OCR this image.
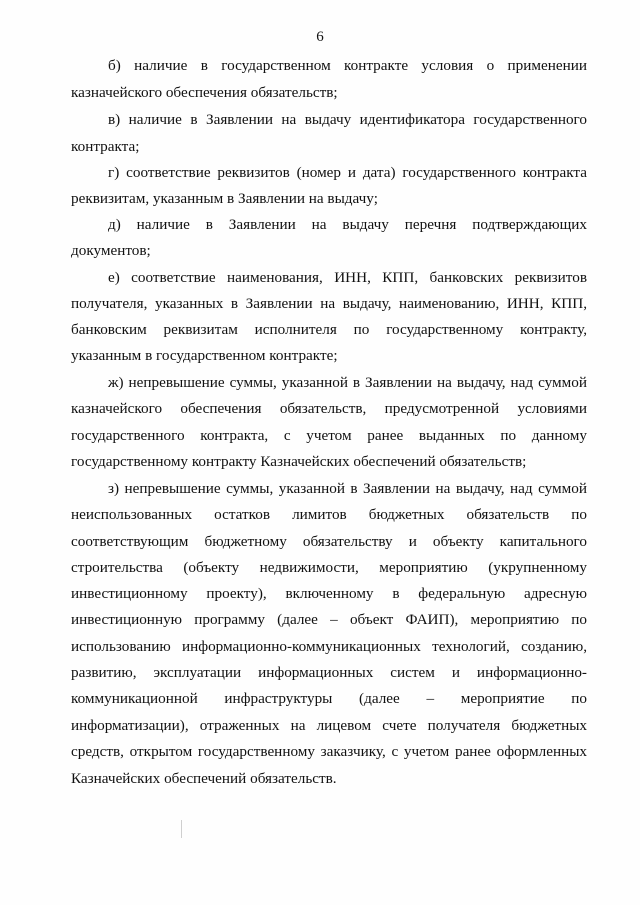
6
б) наличие в государственном контракте условия о применении
казначейского обеспечения обязательств;
в) наличие в Заявлении на выдачу идентификатора государственного
контракта;
г) соответствие реквизитов (номер и дата) государственного контракта
реквизитам, указанным в Заявлении на выдачу;
д) наличие в Заявлении на выдачу перечня подтверждающих
документов;
е) соответствие наименования, ИНН, КПП, банковских реквизитов
получателя, указанных в Заявлении на выдачу, наименованию, ИНН, КПП,
банковским реквизитам исполнителя по государственному контракту,
указанным в государственном контракте;
ж) непревышение суммы, указанной в Заявлении на выдачу, над суммой
казначейского обеспечения обязательств, предусмотренной условиями
государственного контракта, с учетом ранее выданных по данному
государственному контракту Казначейских обеспечений обязательств;
з) непревышение суммы, указанной в Заявлении на выдачу, над суммой
неиспользованных остатков лимитов бюджетных обязательств по
соответствующим бюджетному обязательству и объекту капитального
строительства (объекту недвижимости, мероприятию (укрупненному
инвестиционному проекту), включенному в федеральную адресную
инвестиционную программу (далее – объект ФАИП), мероприятию по
использованию информационно-коммуникационных технологий, созданию,
развитию, эксплуатации информационных систем и информационно-
коммуникационной инфраструктуры (далее – мероприятие по
информатизации), отраженных на лицевом счете получателя бюджетных
средств, открытом государственному заказчику, с учетом ранее оформленных
Казначейских обеспечений обязательств.
